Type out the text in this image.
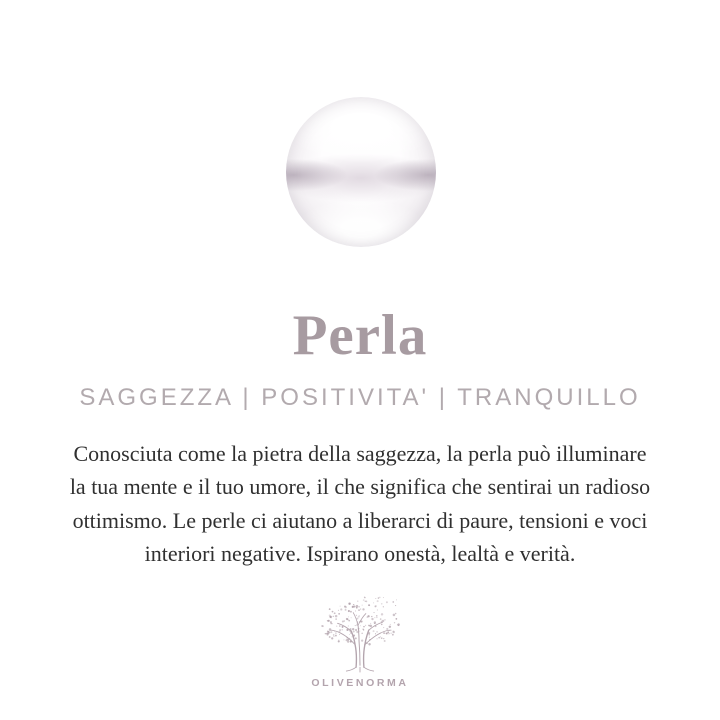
Perla
SAGGEZZA | POSITIVITA' | TRANQUILLO
Conosciuta come la pietra della saggezza, la perla può illuminare
la tua mente e il tuo umore, il che significa che sentirai un radioso
ottimismo. Le perle ci aiutano a liberarci di paure, tensioni e voci
interiori negative. Ispirano onestà, lealtà e verità.
OLIVENORMA
